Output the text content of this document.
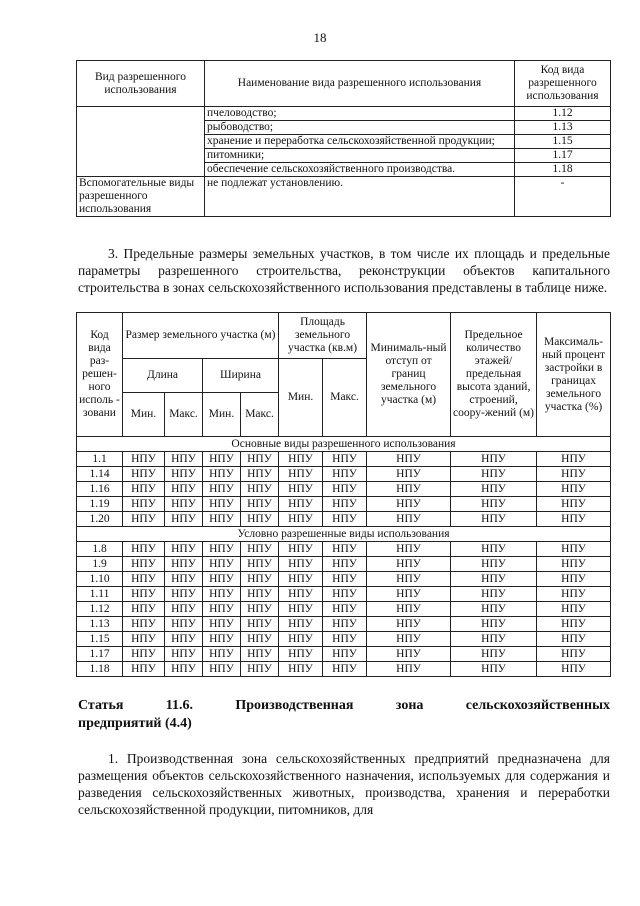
18
Вид разрешенного использования	Наименование вида разрешенного использования	Код вида разрешенного использования
	пчеловодство;	1.12
	рыбоводство;	1.13
	хранение и переработка сельскохозяйственной продукции;	1.15
	питомники;	1.17
	обеспечение сельскохозяйственного производства.	1.18
Вспомогательные виды разрешенного использования	не подлежат установлению.	-
3. Предельные размеры земельных участков, в том числе их площадь и предельные параметры разрешенного строительства, реконструкции объектов капитального строительства в зонах сельскохозяйственного использования представлены в таблице ниже.
Код вида раз-решен-ного исполь - зовани	Размер земельного участка (м)				Площадь земельного участка (кв.м)		Минималь-ный отступ от границ земельного участка (м)	Предельное количество этажей/ предельная высота зданий, строений, соору-жений (м)	Максималь-ный процент застройки в границах земельного участка (%)
	Длина		Ширина		Мин.	Макс.			
	Мин.	Макс.	Мин.	Макс.					
Основные виды разрешенного использования									
1.1	НПУ	НПУ	НПУ	НПУ	НПУ	НПУ	НПУ	НПУ	НПУ
1.14	НПУ	НПУ	НПУ	НПУ	НПУ	НПУ	НПУ	НПУ	НПУ
1.16	НПУ	НПУ	НПУ	НПУ	НПУ	НПУ	НПУ	НПУ	НПУ
1.19	НПУ	НПУ	НПУ	НПУ	НПУ	НПУ	НПУ	НПУ	НПУ
1.20	НПУ	НПУ	НПУ	НПУ	НПУ	НПУ	НПУ	НПУ	НПУ
Условно разрешенные виды использования									
1.8	НПУ	НПУ	НПУ	НПУ	НПУ	НПУ	НПУ	НПУ	НПУ
1.9	НПУ	НПУ	НПУ	НПУ	НПУ	НПУ	НПУ	НПУ	НПУ
1.10	НПУ	НПУ	НПУ	НПУ	НПУ	НПУ	НПУ	НПУ	НПУ
1.11	НПУ	НПУ	НПУ	НПУ	НПУ	НПУ	НПУ	НПУ	НПУ
1.12	НПУ	НПУ	НПУ	НПУ	НПУ	НПУ	НПУ	НПУ	НПУ
1.13	НПУ	НПУ	НПУ	НПУ	НПУ	НПУ	НПУ	НПУ	НПУ
1.15	НПУ	НПУ	НПУ	НПУ	НПУ	НПУ	НПУ	НПУ	НПУ
1.17	НПУ	НПУ	НПУ	НПУ	НПУ	НПУ	НПУ	НПУ	НПУ
1.18	НПУ	НПУ	НПУ	НПУ	НПУ	НПУ	НПУ	НПУ	НПУ
Статья 11.6. Производственная зона сельскохозяйственных
предприятий (4.4)
1. Производственная зона сельскохозяйственных предприятий предназначена для размещения объектов сельскохозяйственного назначения, используемых для содержания и разведения сельскохозяйственных животных, производства, хранения и переработки сельскохозяйственной продукции, питомников, для
